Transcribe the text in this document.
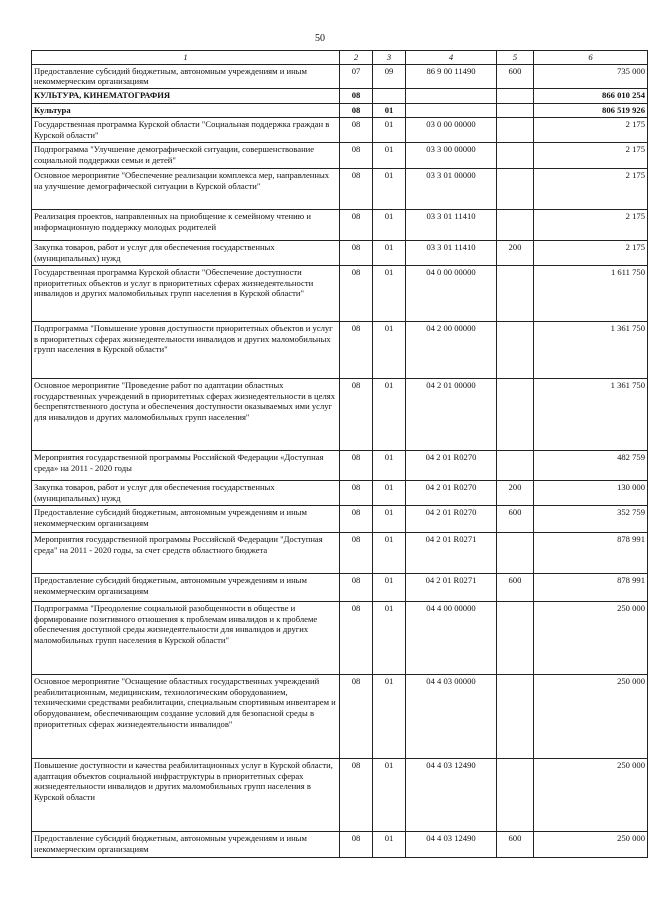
50
1	2	3	4	5	6
Предоставление субсидий бюджетным, автономным учреждениям и иным некоммерческим организациям	07	09	86 9 00 11490	600	735 000
КУЛЬТУРА, КИНЕМАТОГРАФИЯ	08				866 010 254
Культура	08	01			806 519 926
Государственная программа Курской области "Социальная поддержка граждан в Курской области"	08	01	03 0 00 00000		2 175
Подпрограмма "Улучшение демографической ситуации, совершенствование социальной поддержки семьи и детей"	08	01	03 3 00 00000		2 175
Основное мероприятие "Обеспечение реализации комплекса мер, направленных на улучшение демографической ситуации в Курской области"	08	01	03 3 01 00000		2 175
Реализация проектов, направленных на приобщение к семейному чтению и информационную поддержку молодых родителей	08	01	03 3 01 11410		2 175
Закупка товаров, работ и услуг для обеспечения государственных (муниципальных) нужд	08	01	03 3 01 11410	200	2 175
Государственная программа Курской области "Обеспечение доступности приоритетных объектов и услуг в приоритетных сферах жизнедеятельности инвалидов и других маломобильных групп населения в Курской области"	08	01	04 0 00 00000		1 611 750
Подпрограмма "Повышение уровня доступности приоритетных объектов и услуг в приоритетных сферах жизнедеятельности инвалидов и других маломобильных групп населения в Курской области"	08	01	04 2 00 00000		1 361 750
Основное мероприятие "Проведение работ по адаптации областных государственных учреждений в приоритетных сферах жизнедеятельности в целях беспрепятственного доступа и обеспечения доступности оказываемых ими услуг для инвалидов и других маломобильных групп населения"	08	01	04 2 01 00000		1 361 750
Мероприятия государственной программы Российской Федерации «Доступная среда» на 2011 - 2020 годы	08	01	04 2 01 R0270		482 759
Закупка товаров, работ и услуг для обеспечения государственных (муниципальных) нужд	08	01	04 2 01 R0270	200	130 000
Предоставление субсидий бюджетным, автономным учреждениям и иным некоммерческим организациям	08	01	04 2 01 R0270	600	352 759
Мероприятия государственной программы Российской Федерации "Доступная среда" на 2011 - 2020 годы, за счет средств областного бюджета	08	01	04 2 01 R0271		878 991
Предоставление субсидий бюджетным, автономным учреждениям и иным некоммерческим организациям	08	01	04 2 01 R0271	600	878 991
Подпрограмма "Преодоление социальной разобщенности в обществе и формирование позитивного отношения к проблемам инвалидов и к проблеме обеспечения доступной среды жизнедеятельности для инвалидов и других маломобильных групп населения в Курской области"	08	01	04 4 00 00000		250 000
Основное мероприятие "Оснащение областных государственных учреждений реабилитационным, медицинским, технологическим оборудованием, техническими средствами реабилитации, специальным спортивным инвентарем и оборудованием, обеспечивающим создание условий для безопасной среды в приоритетных сферах жизнедеятельности инвалидов"	08	01	04 4 03 00000		250 000
Повышение доступности и качества реабилитационных услуг в Курской области, адаптация объектов социальной инфраструктуры в приоритетных сферах жизнедеятельности инвалидов и других маломобильных групп населения в Курской области	08	01	04 4 03 12490		250 000
Предоставление субсидий бюджетным, автономным учреждениям и иным некоммерческим организациям	08	01	04 4 03 12490	600	250 000
